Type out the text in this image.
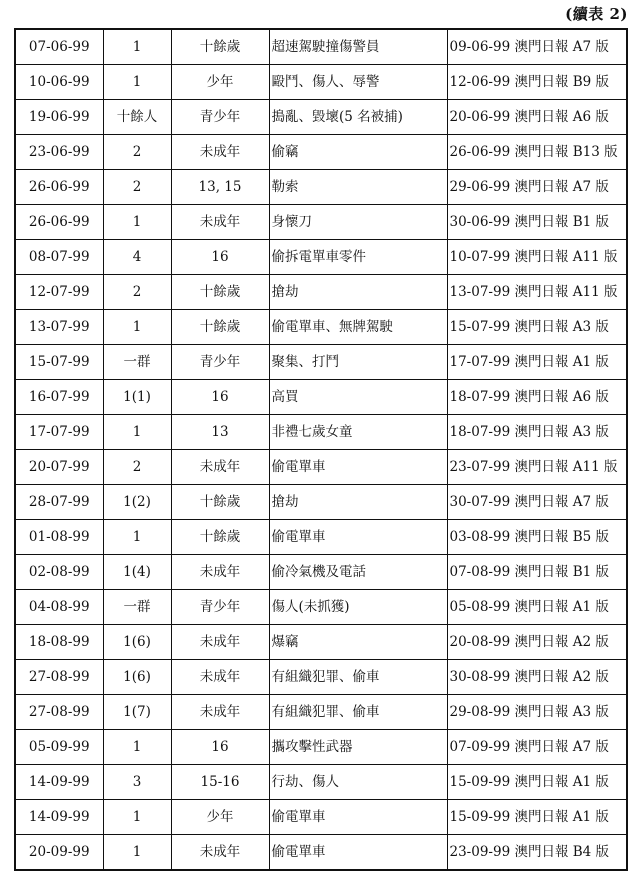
(續表 2)
07-06-99	1	十餘歲	超速駕駛撞傷警員	09-06-99 澳門日報 A7 版
10-06-99	1	少年	毆鬥、傷人、辱警	12-06-99 澳門日報 B9 版
19-06-99	十餘人	青少年	搗亂、毀壞(5 名被捕)	20-06-99 澳門日報 A6 版
23-06-99	2	未成年	偷竊	26-06-99 澳門日報 B13 版
26-06-99	2	13, 15	勒索	29-06-99 澳門日報 A7 版
26-06-99	1	未成年	身懷刀	30-06-99 澳門日報 B1 版
08-07-99	4	16	偷拆電單車零件	10-07-99 澳門日報 A11 版
12-07-99	2	十餘歲	搶劫	13-07-99 澳門日報 A11 版
13-07-99	1	十餘歲	偷電單車、無牌駕駛	15-07-99 澳門日報 A3 版
15-07-99	一群	青少年	聚集、打鬥	17-07-99 澳門日報 A1 版
16-07-99	1(1)	16	高買	18-07-99 澳門日報 A6 版
17-07-99	1	13	非禮七歲女童	18-07-99 澳門日報 A3 版
20-07-99	2	未成年	偷電單車	23-07-99 澳門日報 A11 版
28-07-99	1(2)	十餘歲	搶劫	30-07-99 澳門日報 A7 版
01-08-99	1	十餘歲	偷電單車	03-08-99 澳門日報 B5 版
02-08-99	1(4)	未成年	偷冷氣機及電話	07-08-99 澳門日報 B1 版
04-08-99	一群	青少年	傷人(未抓獲)	05-08-99 澳門日報 A1 版
18-08-99	1(6)	未成年	爆竊	20-08-99 澳門日報 A2 版
27-08-99	1(6)	未成年	有組織犯罪、偷車	30-08-99 澳門日報 A2 版
27-08-99	1(7)	未成年	有組織犯罪、偷車	29-08-99 澳門日報 A3 版
05-09-99	1	16	攜攻擊性武器	07-09-99 澳門日報 A7 版
14-09-99	3	15-16	行劫、傷人	15-09-99 澳門日報 A1 版
14-09-99	1	少年	偷電單車	15-09-99 澳門日報 A1 版
20-09-99	1	未成年	偷電單車	23-09-99 澳門日報 B4 版
